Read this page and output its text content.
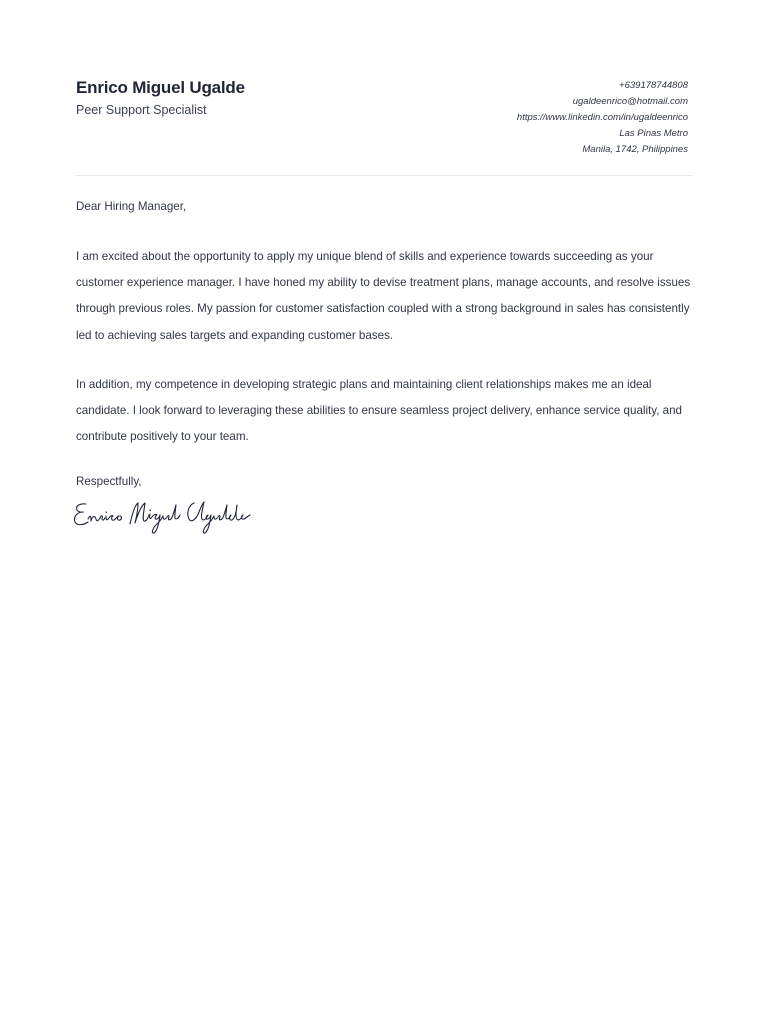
Enrico Miguel Ugalde
Peer Support Specialist
+639178744808
ugaldeenrico@hotmail.com
https://www.linkedin.com/in/ugaldeenrico
Las Pinas Metro
Manila, 1742, Philippines
Dear Hiring Manager,

I am excited about the opportunity to apply my unique blend of skills and experience towards succeeding as your customer experience manager. I have honed my ability to devise treatment plans, manage accounts, and resolve issues through previous roles. My passion for customer satisfaction coupled with a strong background in sales has consistently led to achieving sales targets and expanding customer bases.

In addition, my competence in developing strategic plans and maintaining client relationships makes me an ideal candidate. I look forward to leveraging these abilities to ensure seamless project delivery, enhance service quality, and contribute positively to your team.

Respectfully,
